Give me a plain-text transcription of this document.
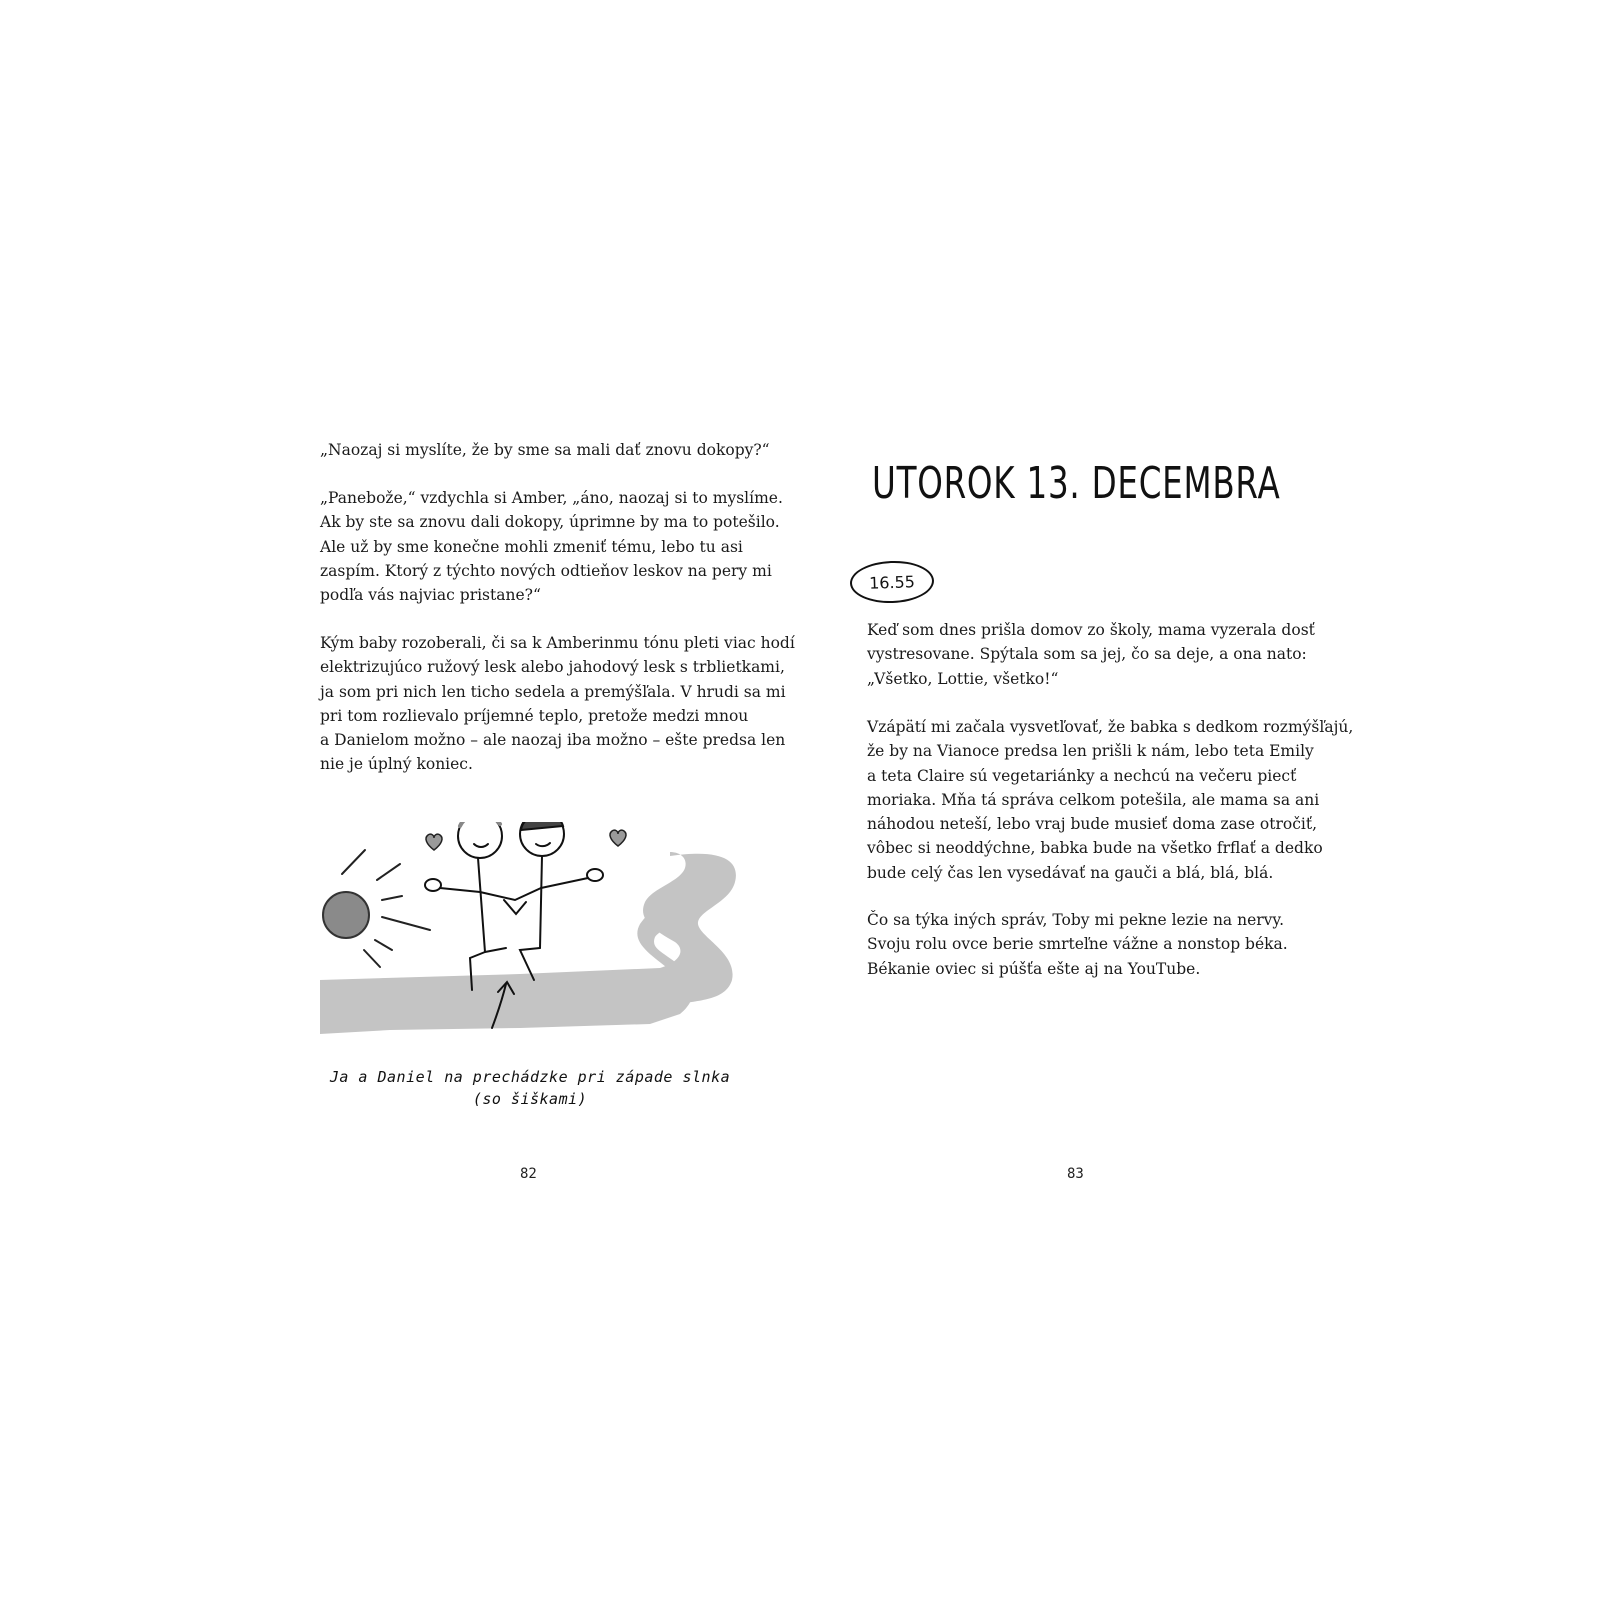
„Naozaj si myslíte, že by sme sa mali dať znovu dokopy?“

„Panebože,“ vzdychla si Amber, „áno, naozaj si to myslíme.
Ak by ste sa znovu dali dokopy, úprimne by ma to potešilo.
Ale už by sme konečne mohli zmeniť tému, lebo tu asi
zaspím. Ktorý z týchto nových odtieňov leskov na pery mi
podľa vás najviac pristane?“

Kým baby rozoberali, či sa k Amberinmu tónu pleti viac hodí
elektrizujúco ružový lesk alebo jahodový lesk s trblietkami,
ja som pri nich len ticho sedela a premýšľala. V hrudi sa mi
pri tom rozlievalo príjemné teplo, pretože medzi mnou
a Danielom možno – ale naozaj iba možno – ešte predsa len
nie je úplný koniec.

Ja a Daniel na prechádzke pri západe slnka
(so šiškami)
82
UTOROK 13. DECEMBRA
16.55

Keď som dnes prišla domov zo školy, mama vyzerala dosť
vystresovane. Spýtala som sa jej, čo sa deje, a ona nato:
„Všetko, Lottie, všetko!“

Vzápätí mi začala vysvetľovať, že babka s dedkom rozmýšľajú,
že by na Vianoce predsa len prišli k nám, lebo teta Emily
a teta Claire sú vegetariánky a nechcú na večeru piecť
moriaka. Mňa tá správa celkom potešila, ale mama sa ani
náhodou neteší, lebo vraj bude musieť doma zase otročiť,
vôbec si neoddýchne, babka bude na všetko frflať a dedko
bude celý čas len vysedávať na gauči a blá, blá, blá.

Čo sa týka iných správ, Toby mi pekne lezie na nervy.
Svoju rolu ovce berie smrteľne vážne a nonstop béka.
Békanie oviec si púšťa ešte aj na YouTube.

83
